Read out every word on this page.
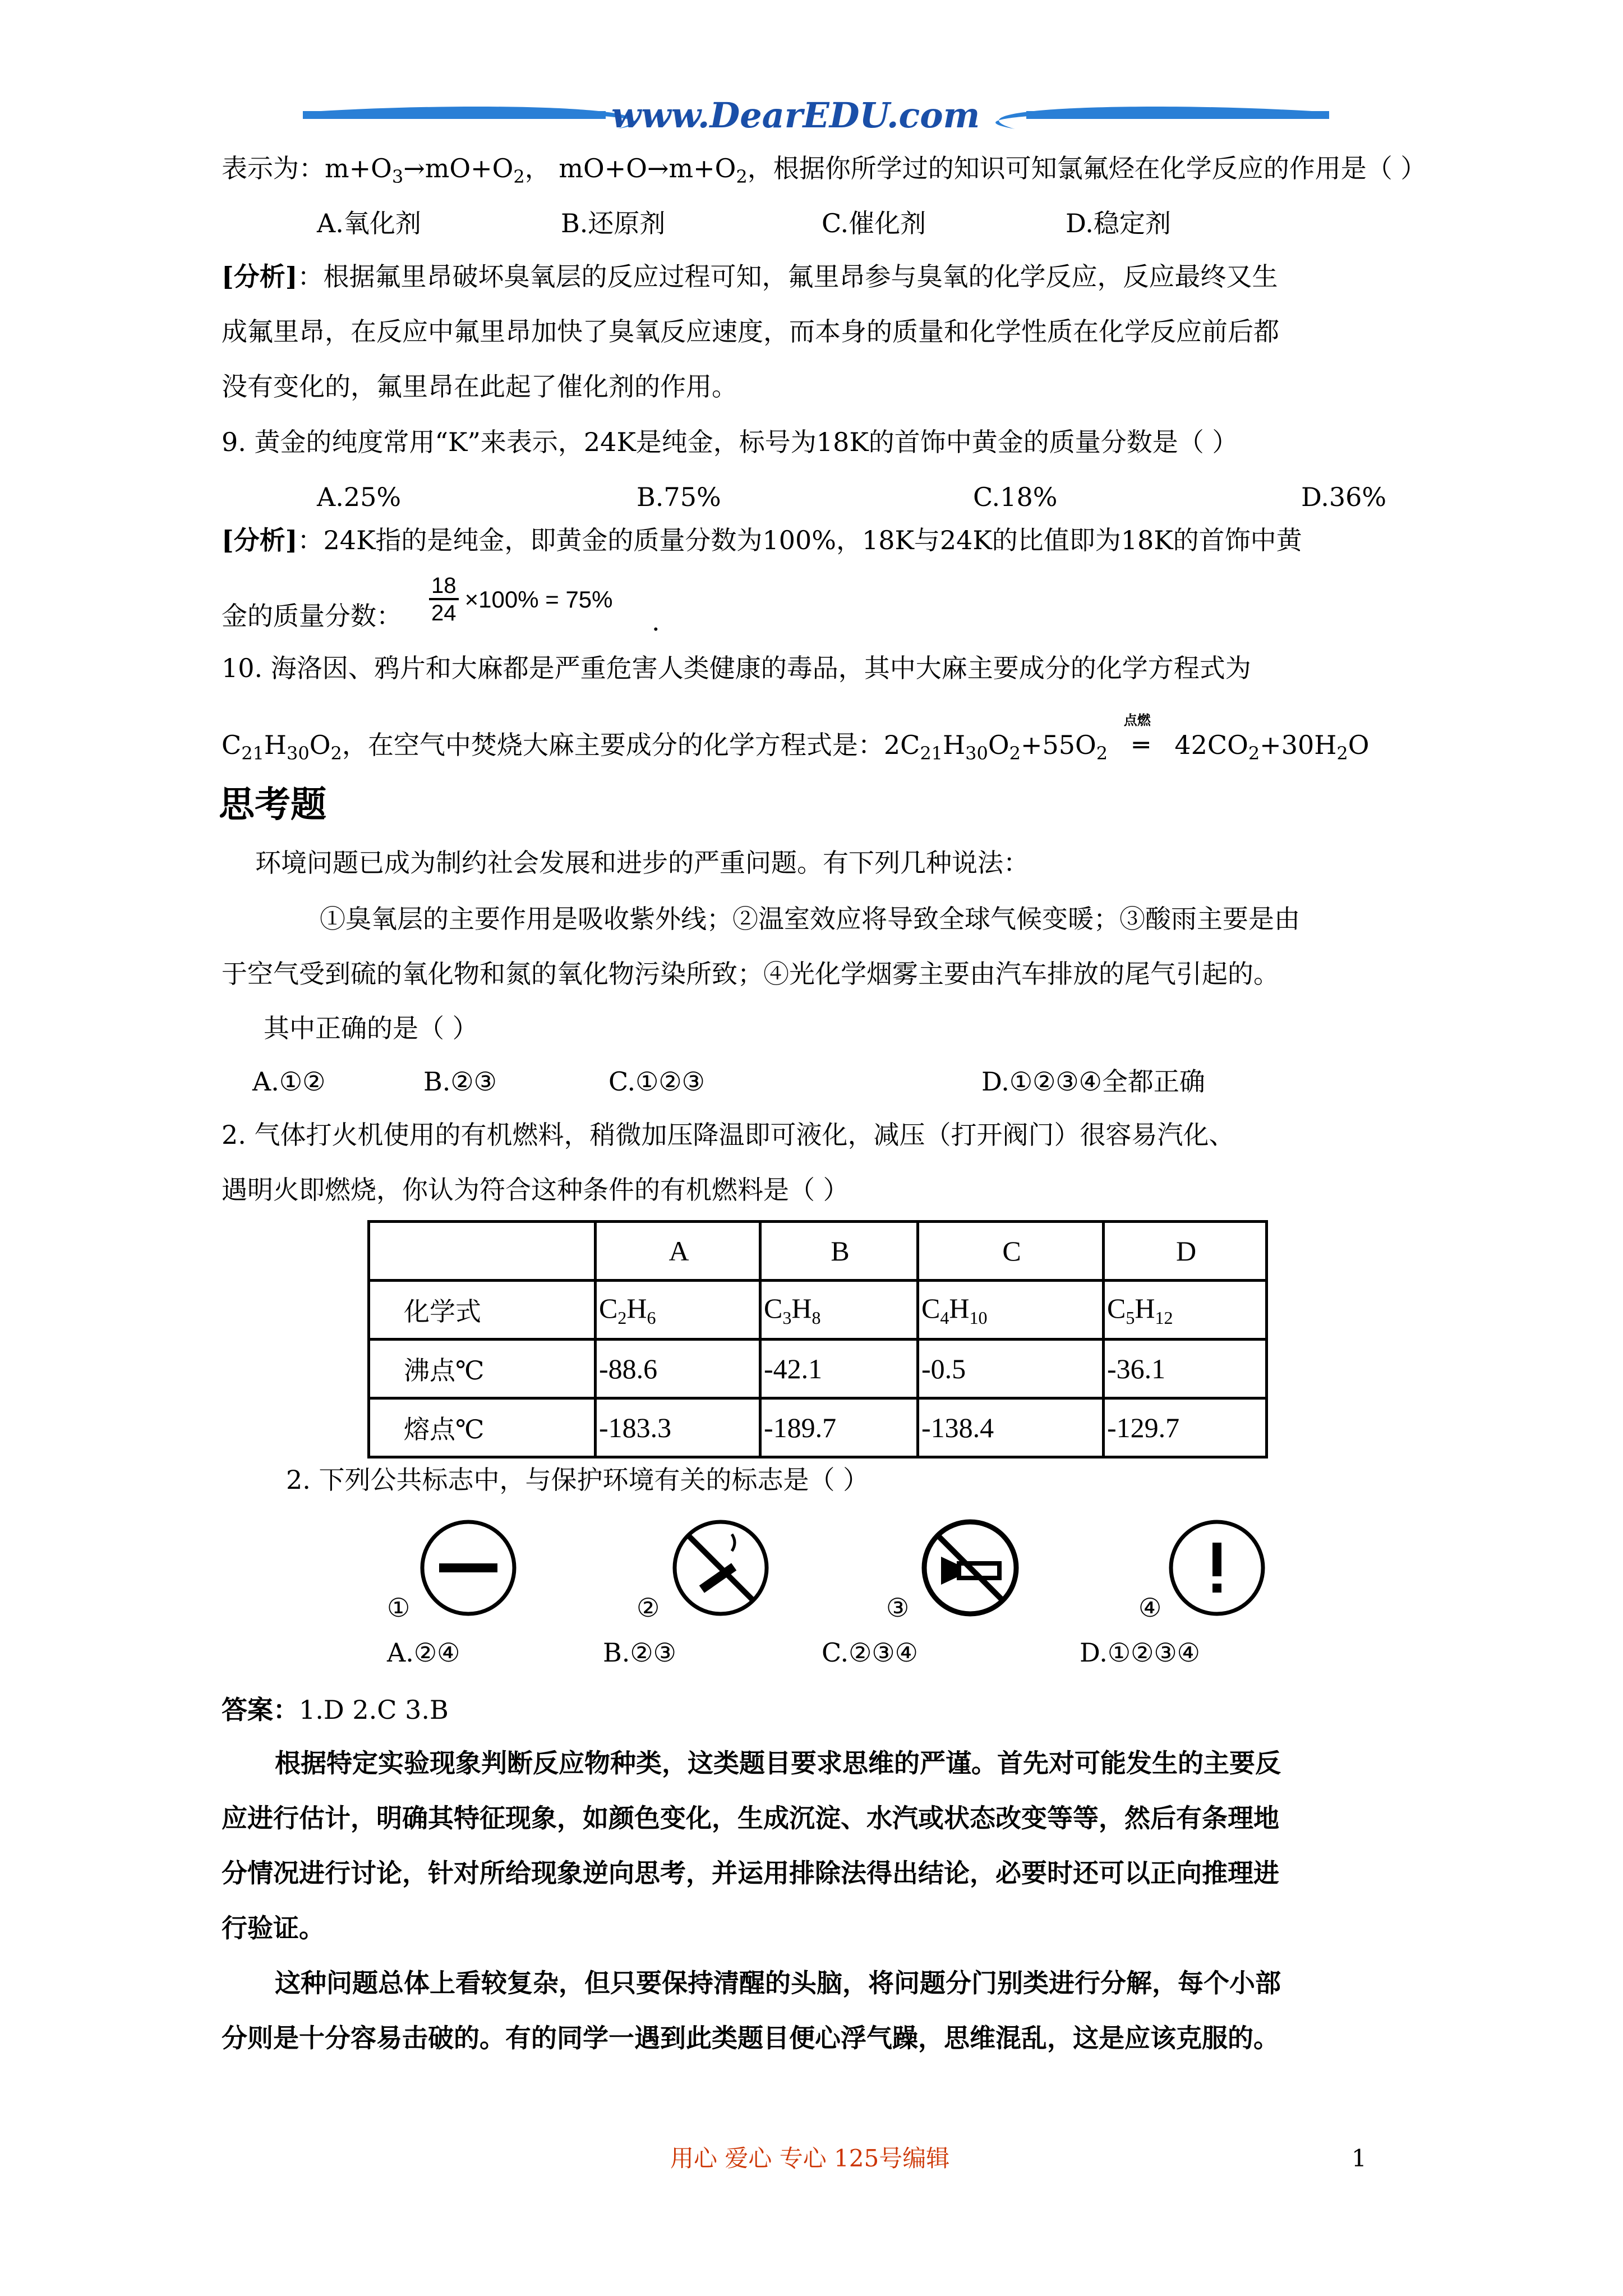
www.DearEDU.com
表示为：$m+O_3\to mO+O_2$， $mO+O\to m+O_2$，根据你所学过的知识可知氯氟烃在化学反应的作用是（ ）
A.氧化剂	B.还原剂	C.催化剂	D.稳定剂
[分析]：根据氟里昂破坏臭氧层的反应过程可知，氟里昂参与臭氧的化学反应，反应最终又生
成氟里昂，在反应中氟里昂加快了臭氧反应速度，而本身的质量和化学性质在化学反应前后都
没有变化的，氟里昂在此起了催化剂的作用。
9. 黄金的纯度常用“K”来表示，24K是纯金，标号为18K的首饰中黄金的质量分数是（ ）
A.25%	B.75%	C.18%	D.36%
[分析]：24K指的是纯金，即黄金的质量分数为100%，18K与24K的比值即为18K的首饰中黄
金的质量分数： $\frac{18}{24} \times 100\% = 75\%$
.
10. 海洛因、鸦片和大麻都是严重危害人类健康的毒品，其中大麻主要成分的化学方程式为
$C_{21}H_{30}O_2$，在空气中焚烧大麻主要成分的化学方程式是：$2C_{21}H_{30}O_2+55O_2$
点燃
═ $42CO_2+30H_2O$
思考题
环境问题已成为制约社会发展和进步的严重问题。有下列几种说法：
①臭氧层的主要作用是吸收紫外线；②温室效应将导致全球气候变暖；③酸雨主要是由
于空气受到硫的氧化物和氮的氧化物污染所致；④光化学烟雾主要由汽车排放的尾气引起的。
其中正确的是（ ）
A.①②	B.②③	C.①②③	D.①②③④全都正确
2. 气体打火机使用的有机燃料，稍微加压降温即可液化，减压（打开阀门）很容易汽化、
遇明火即燃烧，你认为符合这种条件的有机燃料是（ ）
	A	B	C	D
化学式	$C_2H_6$	$C_3H_8$	$C_4H_{10}$	$C_5H_{12}$
沸点℃	-88.6	-42.1	-0.5	-36.1
熔点℃	-183.3	-189.7	-138.4	-129.7
2. 下列公共标志中，与保护环境有关的标志是（ ）
①	②	③	④
A.②④	B.②③	C.②③④	D.①②③④
答案：1.D 2.C 3.B
根据特定实验现象判断反应物种类，这类题目要求思维的严谨。首先对可能发生的主要反
应进行估计，明确其特征现象，如颜色变化，生成沉淀、水汽或状态改变等等，然后有条理地
分情况进行讨论，针对所给现象逆向思考，并运用排除法得出结论，必要时还可以正向推理进
行验证。
这种问题总体上看较复杂，但只要保持清醒的头脑，将问题分门别类进行分解，每个小部
分则是十分容易击破的。有的同学一遇到此类题目便心浮气躁，思维混乱，这是应该克服的。
用心 爱心 专心 125号编辑	1
